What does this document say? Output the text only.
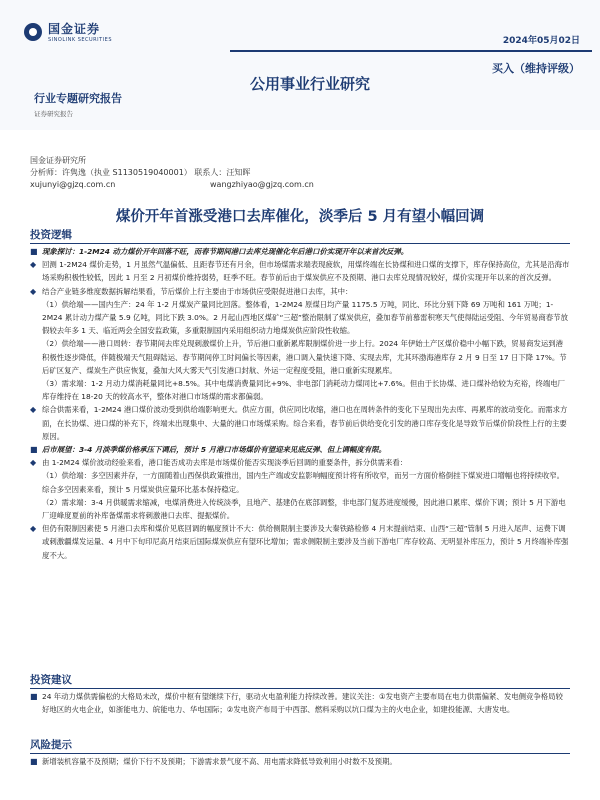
国金证券
SINOLINK SECURITIES	2024年05月02日
买入（维持评级）
公用事业行业研究
行业专题研究报告
证券研究报告
国金证券研究所
分析师：许隽逸（执业 S1130519040001） 联系人：汪知晖
xujunyi@gjzq.com.cn	wangzhiyao@gjzq.com.cn
煤价开年首涨受港口去库催化，淡季后 5 月有望小幅回调
投资逻辑
■ 现象探讨：1-2M24 动力煤价开年回落不旺，而春节期间港口去库兑现催化年后港口价实现开年以来首次反弹。
◆ 回测 1-2M24 煤价走势，1 月虽然气温偏低、且距春节还有月余，但市场煤需求端表现疲软，用煤终端在长协煤和进口煤的支撑下，库存保持高位，尤其是沿海市场采购积极性较低，因此 1 月至 2 月初煤价维持弱势，旺季不旺。春节前后由于煤炭供应不及预期、港口去库兑现情况较好，煤价实现开年以来的首次反弹。
◆ 结合产业链多维度数据拆解结果看，节后煤价上行主要由于市场供应受限促进港口去库，其中：
（1）供给端——国内生产：24 年 1-2 月煤炭产量同比回落。整体看，1-2M24 原煤日均产量 1175.5 万吨，同比、环比分别下降 69 万吨和 161 万吨；1-2M24 累计动力煤产量 5.9 亿吨，同比下跌 3.0%。2 月起山西地区煤矿“三超”整治限制了煤炭供应，叠加春节前慕雷积寒天气使得陆运受阻、今年贸易商春节放假较去年多 1 天、临近两会全国安监政策，多重限制国内采用组织动力地煤炭供应阶段性收缩。
（2）供给端——港口周转：春节期间去库兑现刺激煤价上升，节后港口重新累库限制煤价进一步上行。2024 年伊始土产区煤价稳中小幅下跌，贸易商发运到港积极性逐步降低，伴随极端天气阻碍陆运、春节期间停工时间偏长等因素，港口调入量快速下降、实现去库，尤其环渤海港库存 2 月 9 日至 17 日下降 17%。节后矿区复产、煤炭生产供应恢复，叠加大风大雾天气引发港口封航、外运一定程度受阻，港口重新实现累库。
（3）需求端：1-2 月动力煤消耗量同比+8.5%。其中电煤消费量同比+9%、非电部门消耗动力煤同比+7.6%。但由于长协煤、进口煤补给较为充裕，终端电厂库存维持在 18-20 天的较高水平，整体对港口市场煤的需求都偏弱。
◆ 综合供需来看，1-2M24 港口煤价波动受到供给端影响更大。供应方面，供应同比收缩，港口也在周转条件的变化下呈现出先去库、再累库的波动变化。而需求方面，在长协煤、进口煤的补充下，终端未出现集中、大量的港口市场煤采购。综合来看，春节前后供给变化引发的港口库存变化是导致节后煤价阶段性上行的主要原因。
■ 后市展望：3-4 月淡季煤价格承压下调后，预计 5 月港口市场煤价有望迎来见底反弹、但上调幅度有限。
◆ 由 1-2M24 煤价波动经验来看，港口能否成功去库是市场煤价能否实现淡季后回调的重要条件，拆分供需来看：
（1）供给端：多空因素并存，一方面随着山西保供政策推出，国内生产端或安监影响幅度预计将有所收窄，而另一方面价格倒挂下煤炭进口增幅也将持续收窄。综合多空因素来看，预计 5 月煤炭供应量环比基本保持稳定。
（2）需求端：3-4 月供暖需求缩减，电煤消费进入传统淡季，且地产、基建仍在底部调整，非电部门复苏进度缓慢，因此港口累库、煤价下调；预计 5 月下游电厂迎峰度夏前的补库备煤需求将刺激港口去库、提振煤价。
◆ 但仍有限制因素使 5 月港口去库和煤价见底回调的幅度预计不大：供给侧限制主要涉及大秦铁路检修 4 月末提前结束、山西“三超”管制 5 月进入尾声、运费下调或刺激疆煤发运量、4 月中下旬印尼高月结束后国际煤炭供应有望环比增加；需求侧限制主要涉及当前下游电厂库存较高、无明显补库压力，预计 5 月终端补库强度不大。
投资建议
■ 24 年动力煤供需偏松的大格局未改，煤价中枢有望继续下行，驱动火电盈利能力持续改善。建议关注：①发电资产主要布局在电力供需偏紧、发电侧竞争格局较好地区的火电企业，如浙能电力、皖能电力、华电国际；②发电资产布局于中西部、燃料采购以坑口煤为主的火电企业，如建投能源、大唐发电。
风险提示
■ 新增装机容量不及预期；煤价下行不及预期；下游需求景气度不高、用电需求降低导致利用小时数不及预期。
